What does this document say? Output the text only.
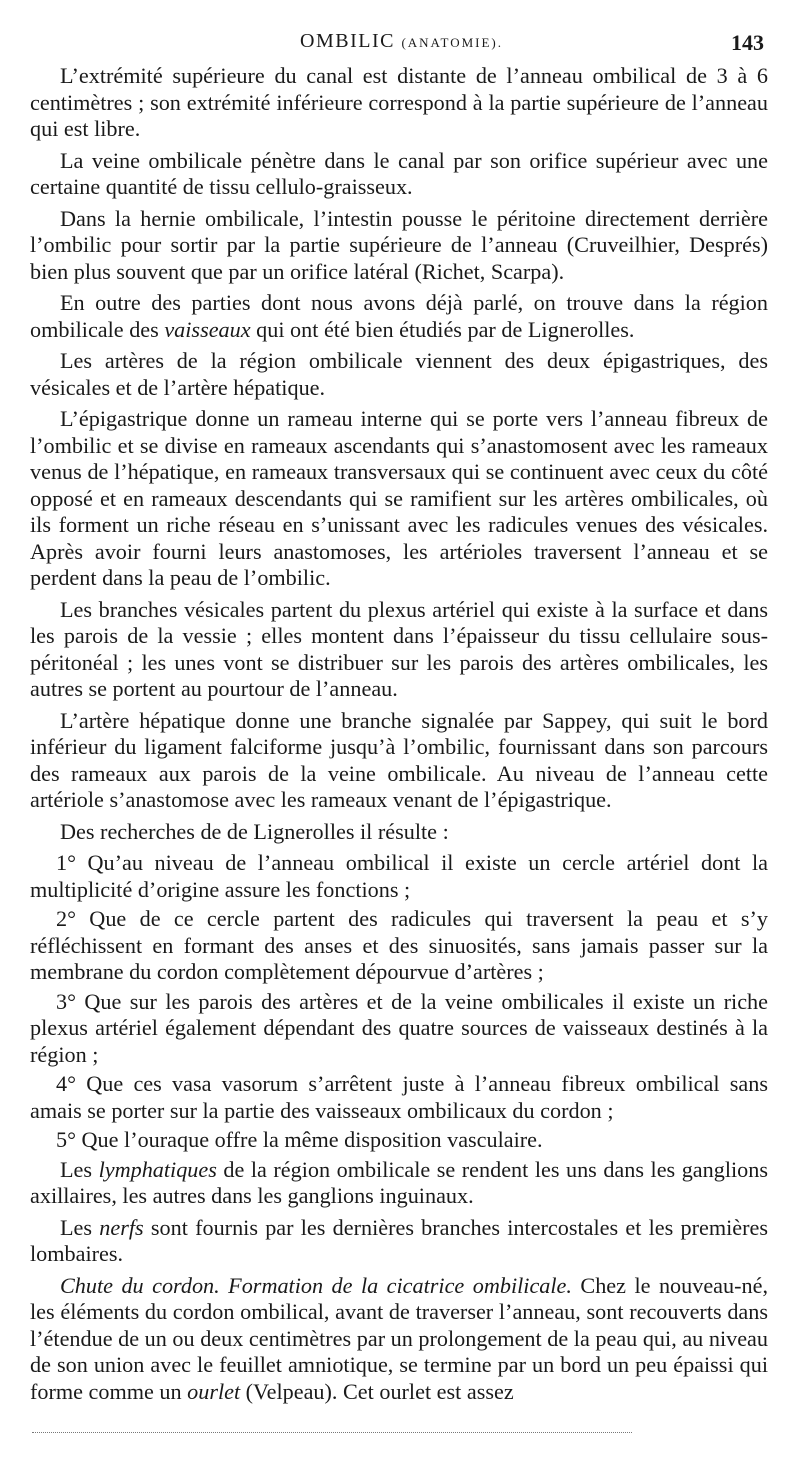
OMBILIC (ANATOMIE).	143

L’extrémité supérieure du canal est distante de l’anneau ombilical de 3 à 6 centimètres ; son extrémité inférieure correspond à la partie supérieure de l’anneau qui est libre.

La veine ombilicale pénètre dans le canal par son orifice supérieur avec une certaine quantité de tissu cellulo-graisseux.

Dans la hernie ombilicale, l’intestin pousse le péritoine directement derrière l’ombilic pour sortir par la partie supérieure de l’anneau (Cruveilhier, Després) bien plus souvent que par un orifice latéral (Richet, Scarpa).

En outre des parties dont nous avons déjà parlé, on trouve dans la région ombilicale des vaisseaux qui ont été bien étudiés par de Lignerolles.

Les artères de la région ombilicale viennent des deux épigastriques, des vésicales et de l’artère hépatique.

L’épigastrique donne un rameau interne qui se porte vers l’anneau fibreux de l’ombilic et se divise en rameaux ascendants qui s’anastomosent avec les rameaux venus de l’hépatique, en rameaux transversaux qui se continuent avec ceux du côté opposé et en rameaux descendants qui se ramifient sur les artères ombilicales, où ils forment un riche réseau en s’unissant avec les radicules venues des vésicales. Après avoir fourni leurs anastomoses, les artérioles traversent l’anneau et se perdent dans la peau de l’ombilic.

Les branches vésicales partent du plexus artériel qui existe à la surface et dans les parois de la vessie ; elles montent dans l’épaisseur du tissu cellulaire sous-péritonéal ; les unes vont se distribuer sur les parois des artères ombilicales, les autres se portent au pourtour de l’anneau.

L’artère hépatique donne une branche signalée par Sappey, qui suit le bord inférieur du ligament falciforme jusqu’à l’ombilic, fournissant dans son parcours des rameaux aux parois de la veine ombilicale. Au niveau de l’anneau cette artériole s’anastomose avec les rameaux venant de l’épigastrique.

Des recherches de de Lignerolles il résulte :

1° Qu’au niveau de l’anneau ombilical il existe un cercle artériel dont la multiplicité d’origine assure les fonctions ;

2° Que de ce cercle partent des radicules qui traversent la peau et s’y réfléchissent en formant des anses et des sinuosités, sans jamais passer sur la membrane du cordon complètement dépourvue d’artères ;

3° Que sur les parois des artères et de la veine ombilicales il existe un riche plexus artériel également dépendant des quatre sources de vaisseaux destinés à la région ;

4° Que ces vasa vasorum s’arrêtent juste à l’anneau fibreux ombilical sans amais se porter sur la partie des vaisseaux ombilicaux du cordon ;

5° Que l’ouraque offre la même disposition vasculaire.

Les lymphatiques de la région ombilicale se rendent les uns dans les ganglions axillaires, les autres dans les ganglions inguinaux.

Les nerfs sont fournis par les dernières branches intercostales et les premières lombaires.

Chute du cordon. Formation de la cicatrice ombilicale. Chez le nouveau-né, les éléments du cordon ombilical, avant de traverser l’anneau, sont recouverts dans l’étendue de un ou deux centimètres par un prolongement de la peau qui, au niveau de son union avec le feuillet amniotique, se termine par un bord un peu épaissi qui forme comme un ourlet (Velpeau). Cet ourlet est assez
